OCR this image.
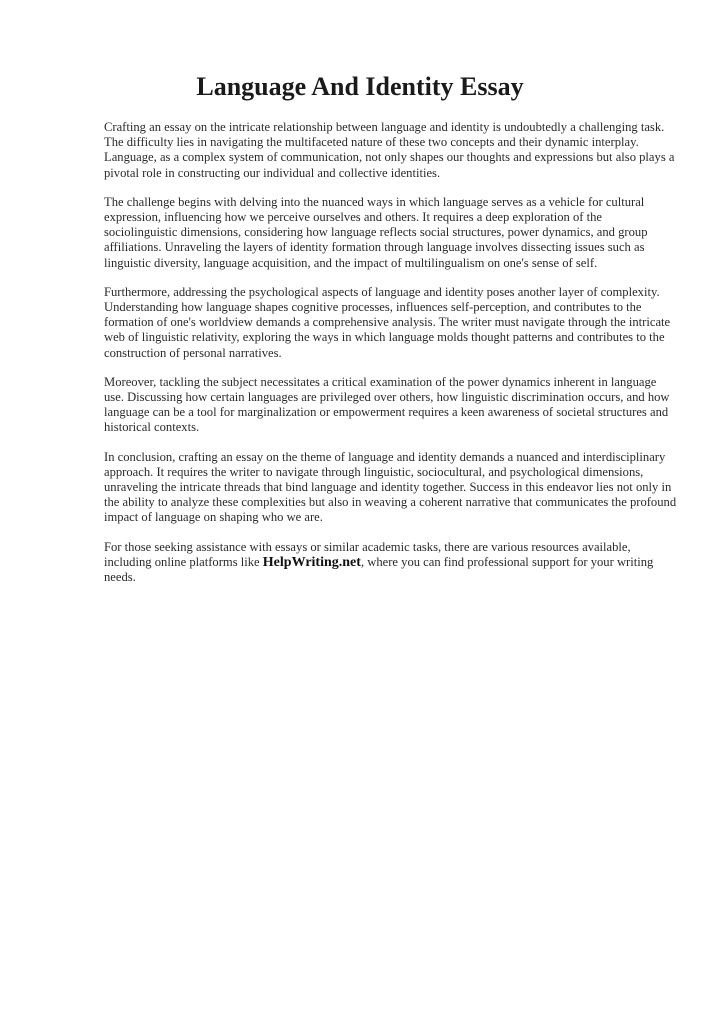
Language And Identity Essay

Crafting an essay on the intricate relationship between language and identity is undoubtedly a challenging task. The difficulty lies in navigating the multifaceted nature of these two concepts and their dynamic interplay. Language, as a complex system of communication, not only shapes our thoughts and expressions but also plays a pivotal role in constructing our individual and collective identities.

The challenge begins with delving into the nuanced ways in which language serves as a vehicle for cultural expression, influencing how we perceive ourselves and others. It requires a deep exploration of the sociolinguistic dimensions, considering how language reflects social structures, power dynamics, and group affiliations. Unraveling the layers of identity formation through language involves dissecting issues such as linguistic diversity, language acquisition, and the impact of multilingualism on one's sense of self.

Furthermore, addressing the psychological aspects of language and identity poses another layer of complexity. Understanding how language shapes cognitive processes, influences self-perception, and contributes to the formation of one's worldview demands a comprehensive analysis. The writer must navigate through the intricate web of linguistic relativity, exploring the ways in which language molds thought patterns and contributes to the construction of personal narratives.

Moreover, tackling the subject necessitates a critical examination of the power dynamics inherent in language use. Discussing how certain languages are privileged over others, how linguistic discrimination occurs, and how language can be a tool for marginalization or empowerment requires a keen awareness of societal structures and historical contexts.

In conclusion, crafting an essay on the theme of language and identity demands a nuanced and interdisciplinary approach. It requires the writer to navigate through linguistic, sociocultural, and psychological dimensions, unraveling the intricate threads that bind language and identity together. Success in this endeavor lies not only in the ability to analyze these complexities but also in weaving a coherent narrative that communicates the profound impact of language on shaping who we are.

For those seeking assistance with essays or similar academic tasks, there are various resources available, including online platforms like HelpWriting.net, where you can find professional support for your writing needs.
